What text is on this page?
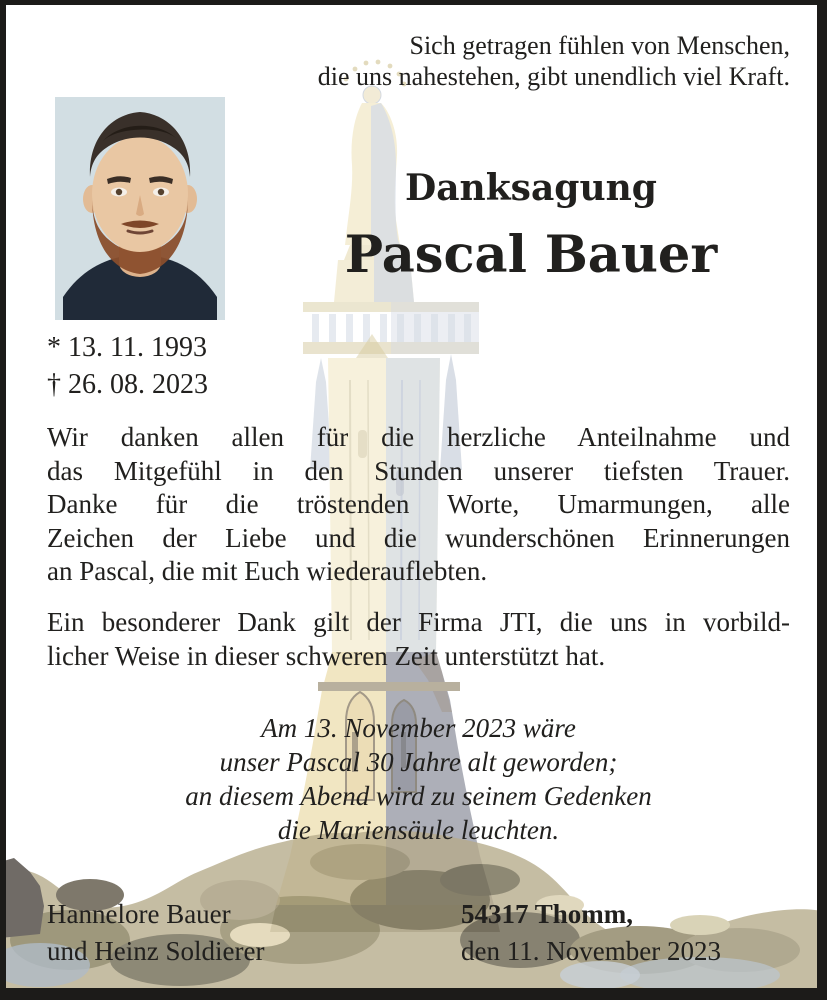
Sich getragen fühlen von Menschen,
die uns nahestehen, gibt unendlich viel Kraft.
Danksagung
Pascal Bauer
* 13. 11. 1993
† 26. 08. 2023
Wir danken allen für die herzliche Anteilnahme und
das Mitgefühl in den Stunden unserer tiefsten Trauer.
Danke für die tröstenden Worte, Umarmungen, alle
Zeichen der Liebe und die wunderschönen Erinnerungen
an Pascal, die mit Euch wiederauflebten.
Ein besonderer Dank gilt der Firma JTI, die uns in vorbild-
licher Weise in dieser schweren Zeit unterstützt hat.
Am 13. November 2023 wäre
unser Pascal 30 Jahre alt geworden;
an diesem Abend wird zu seinem Gedenken
die Mariensäule leuchten.
Hannelore Bauer
und Heinz Soldierer
54317 Thomm,
den 11. November 2023
